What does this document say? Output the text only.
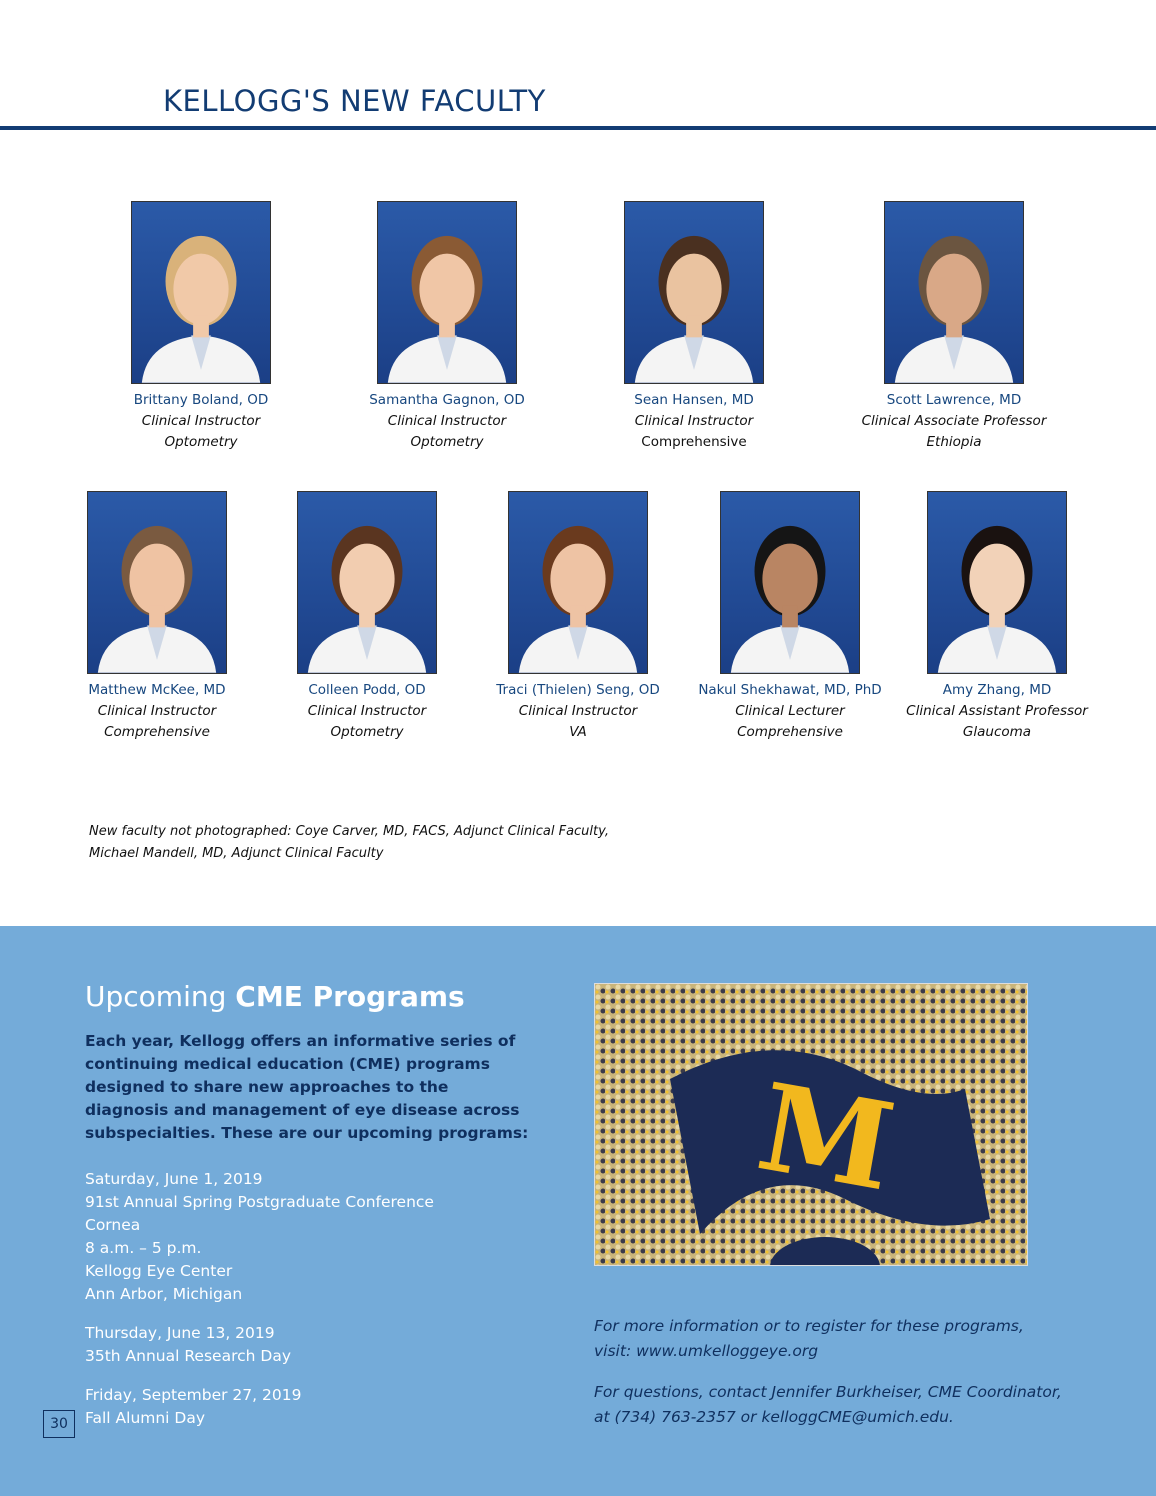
KELLOGG'S NEW FACULTY
Brittany Boland, OD
Clinical Instructor
Optometry
Samantha Gagnon, OD
Clinical Instructor
Optometry
Sean Hansen, MD
Clinical Instructor
Comprehensive
Scott Lawrence, MD
Clinical Associate Professor
Ethiopia
Matthew McKee, MD
Clinical Instructor
Comprehensive
Colleen Podd, OD
Clinical Instructor
Optometry
Traci (Thielen) Seng, OD
Clinical Instructor
VA
Nakul Shekhawat, MD, PhD
Clinical Lecturer
Comprehensive
Amy Zhang, MD
Clinical Assistant Professor
Glaucoma
New faculty not photographed: Coye Carver, MD, FACS, Adjunct Clinical Faculty,
Michael Mandell, MD, Adjunct Clinical Faculty
Upcoming CME Programs
Each year, Kellogg offers an informative series of continuing medical education (CME) programs designed to share new approaches to the diagnosis and management of eye disease across subspecialties. These are our upcoming programs:
Saturday, June 1, 2019
91st Annual Spring Postgraduate Conference
Cornea
8 a.m. – 5 p.m.
Kellogg Eye Center
Ann Arbor, Michigan
Thursday, June 13, 2019
35th Annual Research Day
Friday, September 27, 2019
Fall Alumni Day
M

For more information or to register for these programs,
visit: www.umkelloggeye.org

For questions, contact Jennifer Burkheiser, CME Coordinator,
at (734) 763-2357 or kelloggCME@umich.edu.

30
